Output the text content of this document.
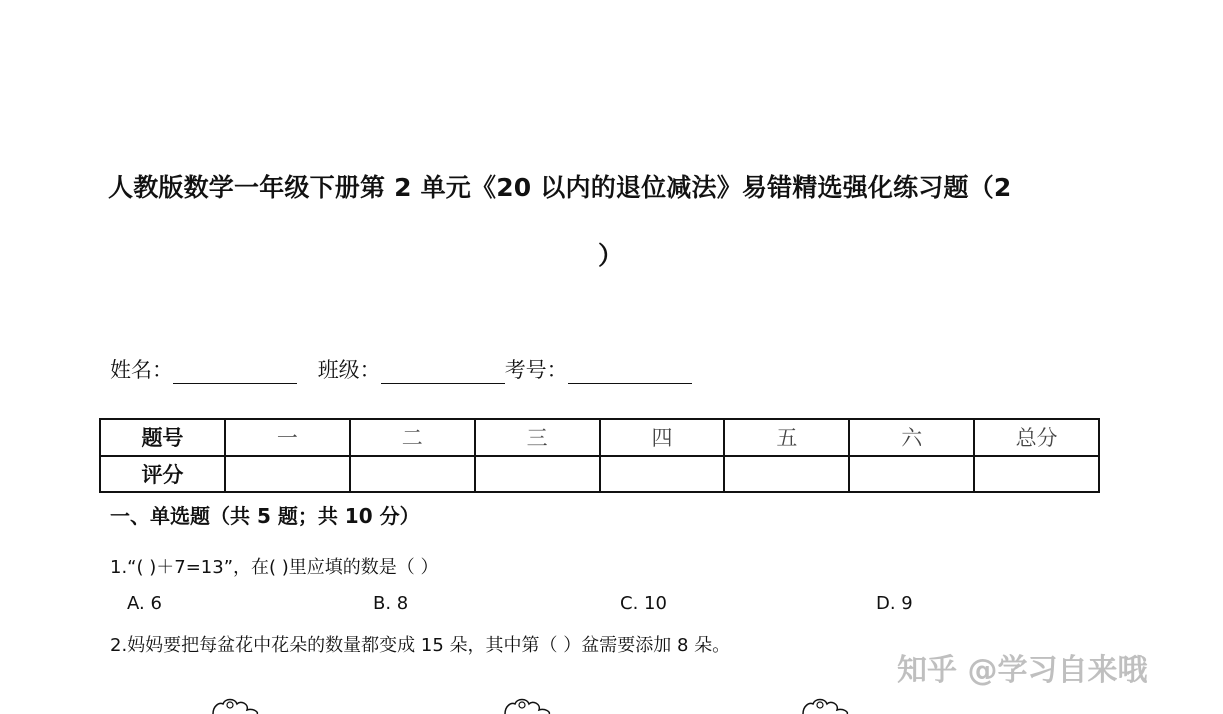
人教版数学一年级下册第 2 单元《20 以内的退位减法》易错精选强化练习题（2
）
姓名：	班级：	考号：
题号	一	二	三	四	五	六	总分
评分							
一、单选题（共 5 题；共 10 分）
1.“( )＋7=13”，在( )里应填的数是（ ）
A. 6	B. 8	C. 10	D. 9
2.妈妈要把每盆花中花朵的数量都变成 15 朵，其中第（ ）盆需要添加 8 朵。
知乎 @学习自来哦
